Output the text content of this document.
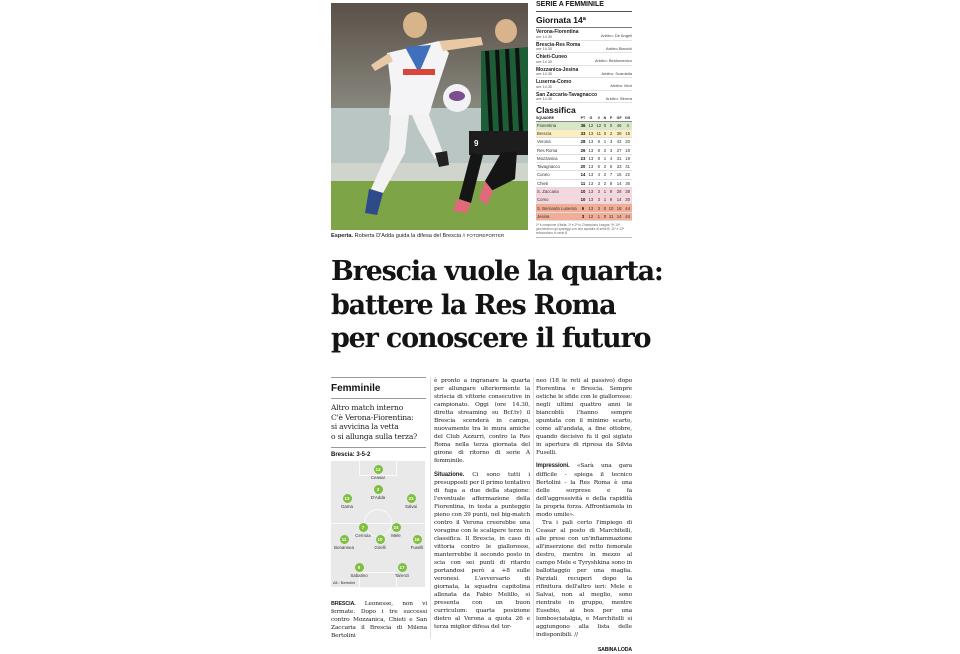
9
Esperta. Roberta D'Adda guida la difesa del Brescia // FOTOREPORTER
SERIE A FEMMINILE
Giornata 14ª
Verona-Fiorentina
ore 14.30	Arbitro: De Angeli
Brescia-Res Roma
ore 14.30	Arbitro Bianchi
Chieti-Cuneo
ore 14.30	Arbitro: Beldomenico
Mozzanica-Jesina
ore 14.30	Arbitro: Scardella
Luserna-Como
ore 14.30	Arbitro: Mori
San Zaccaria-Tavagnacco
ore 14.30	Arbitro: Silvera
Classifica
SQUADRE	PT	G	V	N	P	GF	GS
Fiorentina	36	12	12	0	0	46	4
Brescia	33	13	11	0	2	38	15
Verona	28	13	9	1	3	42	20
Res Roma	26	13	8	2	3	27	18
Mozzanica	23	13	8	1	4	31	19
Tavagnacco	20	13	6	2	5	33	31
Cuneo	14	13	4	2	7	16	22
Chieti	11	13	3	2	8	14	36
S. Zaccaria	10	13	3	1	9	28	38
Como	10	13	3	1	9	14	30
S. Bernardo Luserna	9	13	3	0	10	18	44
Jesina	3	12	1	0	11	14	44
1ª è campione d'Italia; 1ª e 2ª in Champions League; 9ª-10ª giocheranno gli spareggi con due squadre di serie B; 11ª e 12ª retrocedono in serie B.
Brescia vuole la quarta:
battere la Res Roma
per conoscere il futuro
Femminile
Altro match interno
C'è Verona-Fiorentina:
si avvicina la vetta
o si allunga sulla terza?
Brescia: 3-5-2
All.: Bertolini
12
Ceasar
3
D'Adda
13
Gama
23
Salvai
7
Cernoia
24
Mele
11
Bonansea
10
Girelli
16
Fuselli
9
Sabatino
17
Tarenzi

BRESCIA. Leonesse, non vi fermate. Dopo i tre successi contro Mozzanica, Chieti e San Zaccaria il Brescia di Milena Bertolini

è pronto a ingranare la quarta per allungare ulteriormente la striscia di vittorie consecutive in campionato. Oggi (ore 14.30, diretta streaming su Bcf.tv) il Brescia scenderà in campo, nuovamente tra le mura amiche del Club Azzurri, contro la Res Roma nella terza giornata del girone di ritorno di serie A femminile.

Situazione. Ci sono tutti i presupposti per il primo tentativo di fuga a due della stagione: l'eventuale affermazione della Fiorentina, in testa a punteggio pieno con 39 punti, nel big-match contro il Verona creerebbe una voragine con le scaligere terze in classifica. Il Brescia, in caso di vittoria contro le giallorosse, manterrebbe il secondo posto in scia con sei punti di ritardo portandosi però a +8 sulle veronesi. L'avversario di giornata, la squadra capitolina allenata da Fabio Melillo, si presenta con un buon curriculum: quarta posizione dietro al Verona a quota 26 e terza miglior difesa del tor-

neo (18 le reti al passivo) dopo Fiorentina e Brescia. Sempre ostiche le sfide con le giallorosse: negli ultimi quattro anni le biancoblù l'hanno sempre spuntata con il minimo scarto, come all'andata, a fine ottobre, quando decisivo fu il gol siglato in apertura di ripresa da Silvia Fuselli.

Impressioni. «Sarà una gara difficile - spiega il tecnico Bertolini - la Res Roma è una delle sorprese e fa dell'aggressività e della rapidità la propria forza. Affrontiamola in modo umile».

Tra i pali certo l'impiego di Ceasar al posto di Marchitelli, alle prese con un'infiammazione all'inserzione del retto femorale destro, mentre in mezzo al campo Mele e Tyryshkina sono in ballottaggio per una maglia. Parziali recuperi dopo la rifinitura dell'altro ieri: Mele e Salvai, non al meglio, sono rientrate in gruppo, mentre Eusebio, ai box per una lombosciatalgia, e Marchitelli si aggiungono alla lista delle indisponibili. //

SABINA LODA
